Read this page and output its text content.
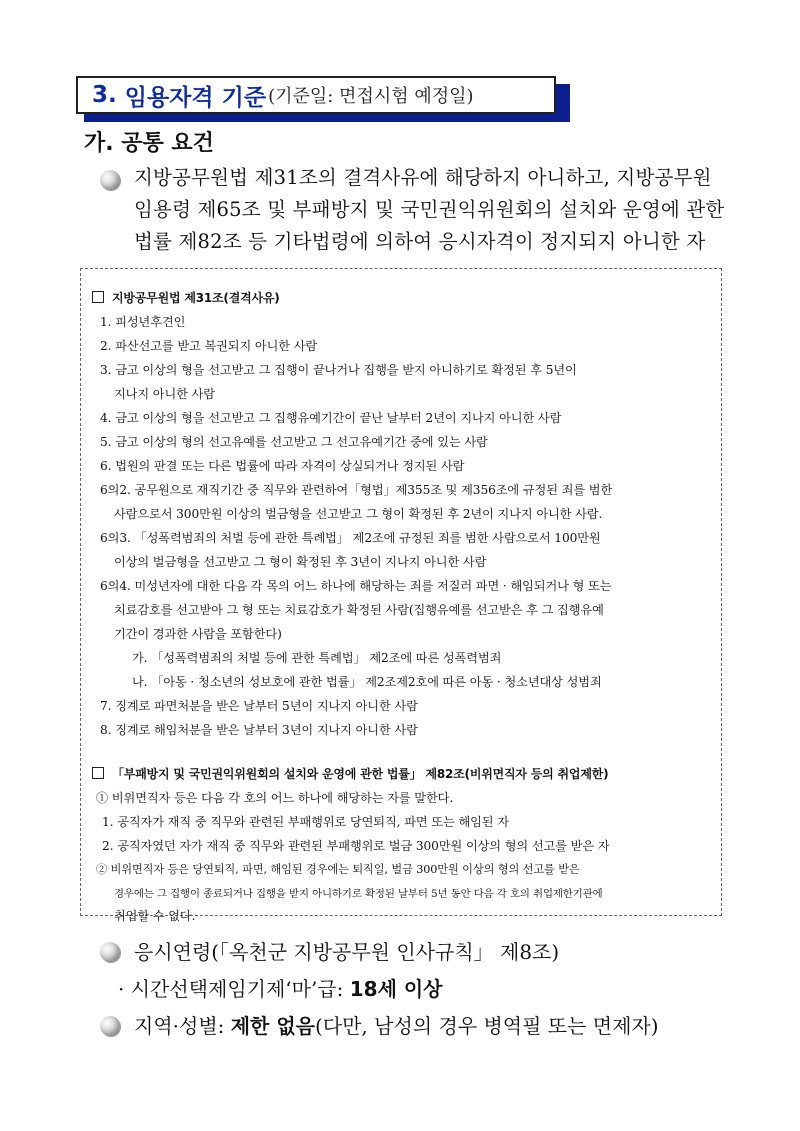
3. 임용자격 기준 (기준일: 면접시험 예정일)
가. 공통 요건
지방공무원법 제31조의 결격사유에 해당하지 아니하고, 지방공무원
임용령 제65조 및 부패방지 및 국민권익위원회의 설치와 운영에 관한
법률 제82조 등 기타법령에 의하여 응시자격이 정지되지 아니한 자
지방공무원법 제31조(결격사유)
1. 피성년후견인
2. 파산선고를 받고 복권되지 아니한 사람
3. 금고 이상의 형을 선고받고 그 집행이 끝나거나 집행을 받지 아니하기로 확정된 후 5년이
지나지 아니한 사람
4. 금고 이상의 형을 선고받고 그 집행유예기간이 끝난 날부터 2년이 지나지 아니한 사람
5. 금고 이상의 형의 선고유예를 선고받고 그 선고유예기간 중에 있는 사람
6. 법원의 판결 또는 다른 법률에 따라 자격이 상실되거나 정지된 사람
6의2. 공무원으로 재직기간 중 직무와 관련하여「형법」제355조 및 제356조에 규정된 죄를 범한
사람으로서 300만원 이상의 벌금형을 선고받고 그 형이 확정된 후 2년이 지나지 아니한 사람.
6의3. 「성폭력범죄의 처벌 등에 관한 특례법」 제2조에 규정된 죄를 범한 사람으로서 100만원
이상의 벌금형을 선고받고 그 형이 확정된 후 3년이 지나지 아니한 사람
6의4. 미성년자에 대한 다음 각 목의 어느 하나에 해당하는 죄를 저질러 파면 · 해임되거나 형 또는
치료감호를 선고받아 그 형 또는 치료감호가 확정된 사람(집행유예를 선고받은 후 그 집행유예
기간이 경과한 사람을 포함한다)
가. 「성폭력범죄의 처벌 등에 관한 특례법」 제2조에 따른 성폭력범죄
나. 「아동 · 청소년의 성보호에 관한 법률」 제2조제2호에 따른 아동 · 청소년대상 성범죄
7. 징계로 파면처분을 받은 날부터 5년이 지나지 아니한 사람
8. 징계로 해임처분을 받은 날부터 3년이 지나지 아니한 사람
「부패방지 및 국민권익위원회의 설치와 운영에 관한 법률」 제82조(비위면직자 등의 취업제한)
① 비위면직자 등은 다음 각 호의 어느 하나에 해당하는 자를 말한다.
1. 공직자가 재직 중 직무와 관련된 부패행위로 당연퇴직, 파면 또는 해임된 자
2. 공직자였던 자가 재직 중 직무와 관련된 부패행위로 벌금 300만원 이상의 형의 선고를 받은 자
② 비위면직자 등은 당연퇴직, 파면, 해임된 경우에는 퇴직일, 벌금 300만원 이상의 형의 선고를 받은
경우에는 그 집행이 종료되거나 집행을 받지 아니하기로 확정된 날부터 5년 동안 다음 각 호의 취업제한기관에
취업할 수 없다.
응시연령(「옥천군 지방공무원 인사규칙」 제8조)
· 시간선택제임기제‘마’급: 18세 이상
지역·성별: 제한 없음(다만, 남성의 경우 병역필 또는 면제자)
